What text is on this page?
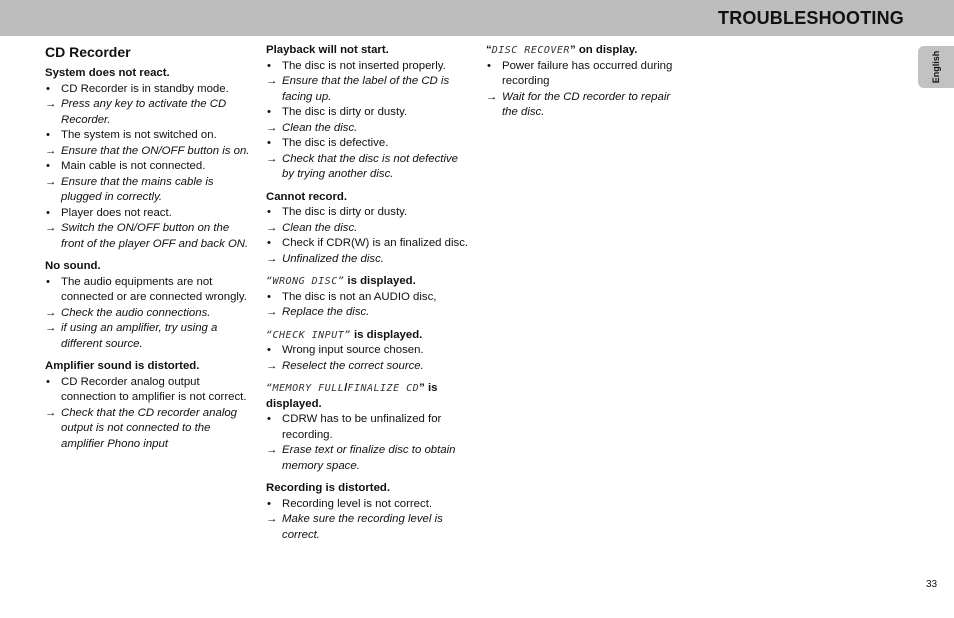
TROUBLESHOOTING
English
CD Recorder
System does not react.
• CD Recorder is in standby mode.
→ Press any key to activate the CD Recorder.
• The system is not switched on.
→ Ensure that the ON/OFF button is on.
• Main cable is not connected.
→ Ensure that the mains cable is plugged in correctly.
• Player does not react.
→ Switch the ON/OFF button on the front of the player OFF and back ON.
No sound.
• The audio equipments are not connected or are connected wrongly.
→ Check the audio connections.
→ if using an amplifier, try using a different source.
Amplifier sound is distorted.
• CD Recorder analog output connection to amplifier is not correct.
→ Check that the CD recorder analog output is not connected to the amplifier Phono input
Playback will not start.
• The disc is not inserted properly.
→ Ensure that the label of the CD is facing up.
• The disc is dirty or dusty.
→ Clean the disc.
• The disc is defective.
→ Check that the disc is not defective by trying another disc.
Cannot record.
• The disc is dirty or dusty.
→ Clean the disc.
• Check if CDR(W) is an finalized disc.
→ Unfinalized the disc.
“WRONG DISC” is displayed.
• The disc is not an AUDIO disc,
→ Replace the disc.
“CHECK INPUT” is displayed.
• Wrong input source chosen.
→ Reselect the correct source.
“MEMORY FULL/FINALIZE CD” is displayed.
• CDRW has to be unfinalized for recording.
→ Erase text or finalize disc to obtain memory space.
Recording is distorted.
• Recording level is not correct.
→ Make sure the recording level is correct.
“DISC RECOVER” on display.
• Power failure has occurred during recording
→ Wait for the CD recorder to repair the disc.
33
